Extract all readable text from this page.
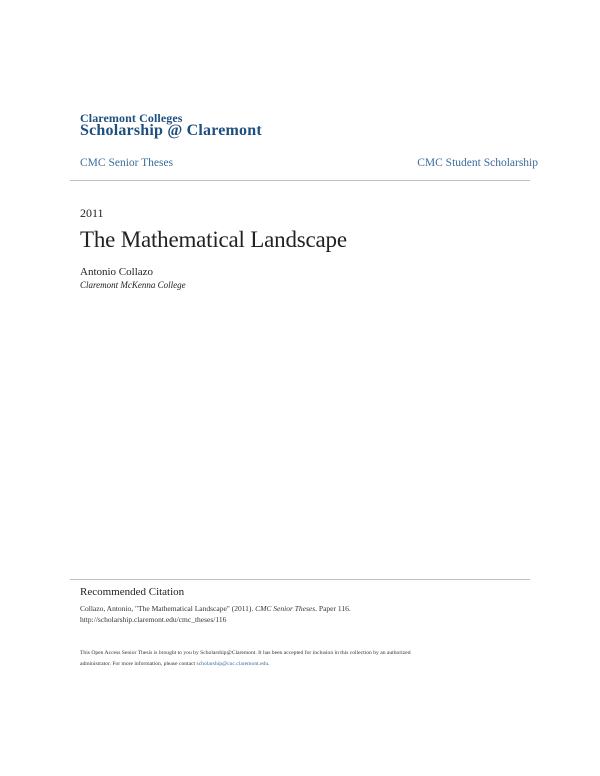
Claremont Colleges
Scholarship @ Claremont
CMC Senior Theses	CMC Student Scholarship
2011
The Mathematical Landscape
Antonio Collazo
Claremont McKenna College
Recommended Citation
Collazo, Antonio, "The Mathematical Landscape" (2011). CMC Senior Theses. Paper 116.
http://scholarship.claremont.edu/cmc_theses/116
This Open Access Senior Thesis is brought to you by Scholarship@Claremont. It has been accepted for inclusion in this collection by an authorized
administrator. For more information, please contact scholarship@cuc.claremont.edu.
